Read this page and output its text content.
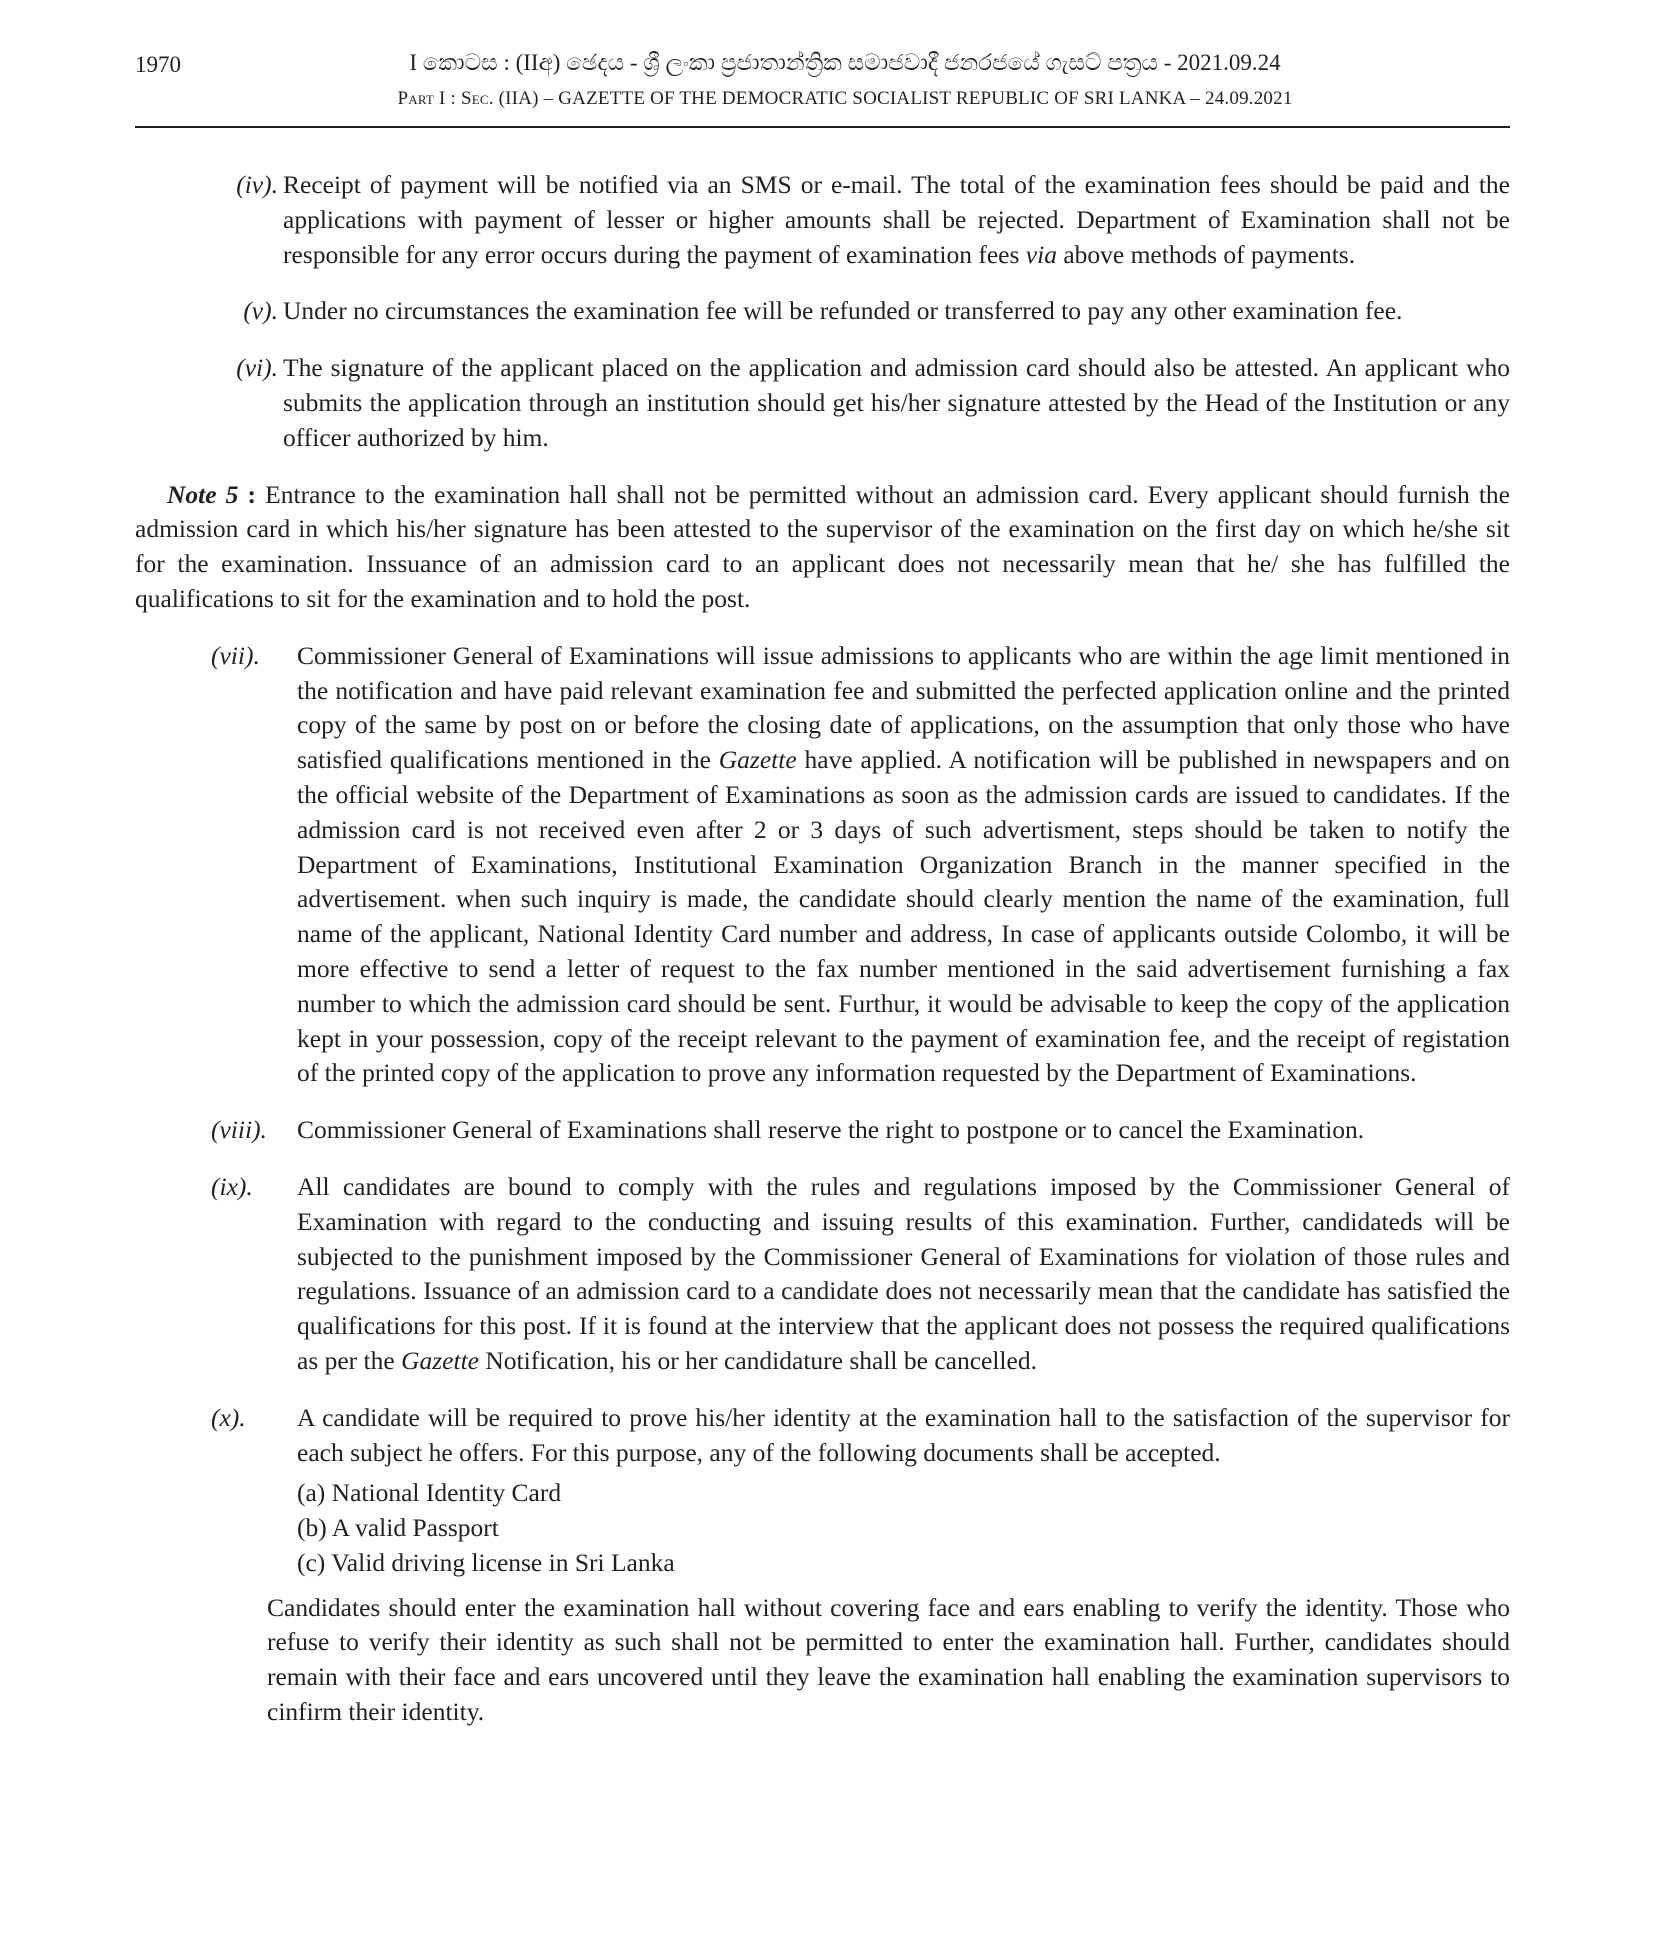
1970	I කොටස : (IIඅ) ඡෙදය - ශ්‍රී ලංකා ප්‍රජාතාන්ත්‍රික සමාජවාදී ජනරජයේ ගැසට් පත්‍රය - 2021.09.24
Part I : Sec. (IIA) – GAZETTE OF THE DEMOCRATIC SOCIALIST REPUBLIC OF SRI LANKA – 24.09.2021
(iv). Receipt of payment will be notified via an SMS or e-mail. The total of the examination fees should be paid and the applications with payment of lesser or higher amounts shall be rejected. Department of Examination shall not be responsible for any error occurs during the payment of examination fees via above methods of payments.
(v). Under no circumstances the examination fee will be refunded or transferred to pay any other examination fee.
(vi). The signature of the applicant placed on the application and admission card should also be attested. An applicant who submits the application through an institution should get his/her signature attested by the Head of the Institution or any officer authorized by him.
Note 5 : Entrance to the examination hall shall not be permitted without an admission card. Every applicant should furnish the admission card in which his/her signature has been attested to the supervisor of the examination on the first day on which he/she sit for the examination. Inssuance of an admission card to an applicant does not necessarily mean that he/ she has fulfilled the qualifications to sit for the examination and to hold the post.
(vii).	Commissioner General of Examinations will issue admissions to applicants who are within the age limit mentioned in the notification and have paid relevant examination fee and submitted the perfected application online and the printed copy of the same by post on or before the closing date of applications, on the assumption that only those who have satisfied qualifications mentioned in the Gazette have applied. A notification will be published in newspapers and on the official website of the Department of Examinations as soon as the admission cards are issued to candidates. If the admission card is not received even after 2 or 3 days of such advertisment, steps should be taken to notify the Department of Examinations, Institutional Examination Organization Branch in the manner specified in the advertisement. when such inquiry is made, the candidate should clearly mention the name of the examination, full name of the applicant, National Identity Card number and address, In case of applicants outside Colombo, it will be more effective to send a letter of request to the fax number mentioned in the said advertisement furnishing a fax number to which the admission card should be sent. Furthur, it would be advisable to keep the copy of the application kept in your possession, copy of the receipt relevant to the payment of examination fee, and the receipt of registation of the printed copy of the application to prove any information requested by the Department of Examinations.
(viii).	Commissioner General of Examinations shall reserve the right to postpone or to cancel the Examination.
(ix).	All candidates are bound to comply with the rules and regulations imposed by the Commissioner General of Examination with regard to the conducting and issuing results of this examination. Further, candidateds will be subjected to the punishment imposed by the Commissioner General of Examinations for violation of those rules and regulations. Issuance of an admission card to a candidate does not necessarily mean that the candidate has satisfied the qualifications for this post. If it is found at the interview that the applicant does not possess the required qualifications as per the Gazette Notification, his or her candidature shall be cancelled.
(x).	A candidate will be required to prove his/her identity at the examination hall to the satisfaction of the supervisor for each subject he offers. For this purpose, any of the following documents shall be accepted.
(a) National Identity Card
(b) A valid Passport
(c) Valid driving license in Sri Lanka
Candidates should enter the examination hall without covering face and ears enabling to verify the identity. Those who refuse to verify their identity as such shall not be permitted to enter the examination hall. Further, candidates should remain with their face and ears uncovered until they leave the examination hall enabling the examination supervisors to cinfirm their identity.
